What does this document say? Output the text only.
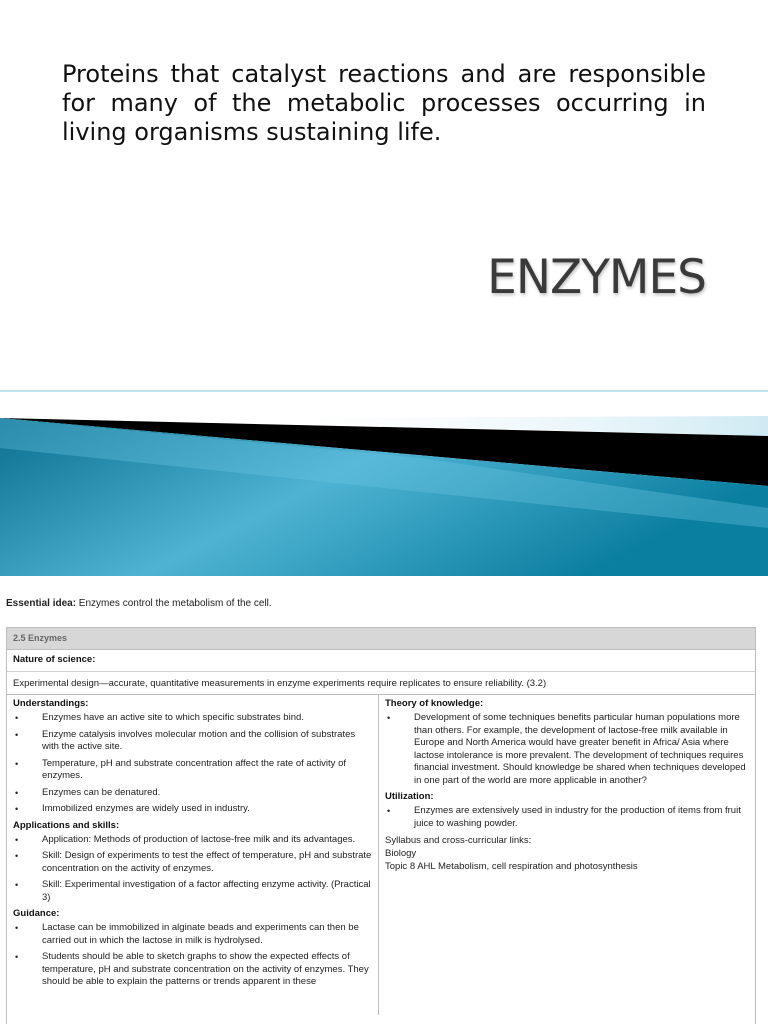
Proteins that catalyst reactions and are responsible for many of the metabolic processes occurring in living organisms sustaining life.
ENZYMES
Essential idea: Enzymes control the metabolism of the cell.
2.5 Enzymes
Nature of science:
Experimental design—accurate, quantitative measurements in enzyme experiments require replicates to ensure reliability. (3.2)
Understandings:
• Enzymes have an active site to which specific substrates bind.
• Enzyme catalysis involves molecular motion and the collision of substrates with the active site.
• Temperature, pH and substrate concentration affect the rate of activity of enzymes.
• Enzymes can be denatured.
• Immobilized enzymes are widely used in industry.
Applications and skills:
• Application: Methods of production of lactose-free milk and its advantages.
• Skill: Design of experiments to test the effect of temperature, pH and substrate concentration on the activity of enzymes.
• Skill: Experimental investigation of a factor affecting enzyme activity. (Practical 3)
Guidance:
• Lactase can be immobilized in alginate beads and experiments can then be carried out in which the lactose in milk is hydrolysed.
• Students should be able to sketch graphs to show the expected effects of temperature, pH and substrate concentration on the activity of enzymes. They should be able to explain the patterns or trends apparent in these
Theory of knowledge:
• Development of some techniques benefits particular human populations more than others. For example, the development of lactose-free milk available in Europe and North America would have greater benefit in Africa/ Asia where lactose intolerance is more prevalent. The development of techniques requires financial investment. Should knowledge be shared when techniques developed in one part of the world are more applicable in another?
Utilization:
• Enzymes are extensively used in industry for the production of items from fruit juice to washing powder.
Syllabus and cross-curricular links:
Biology
Topic 8 AHL Metabolism, cell respiration and photosynthesis
